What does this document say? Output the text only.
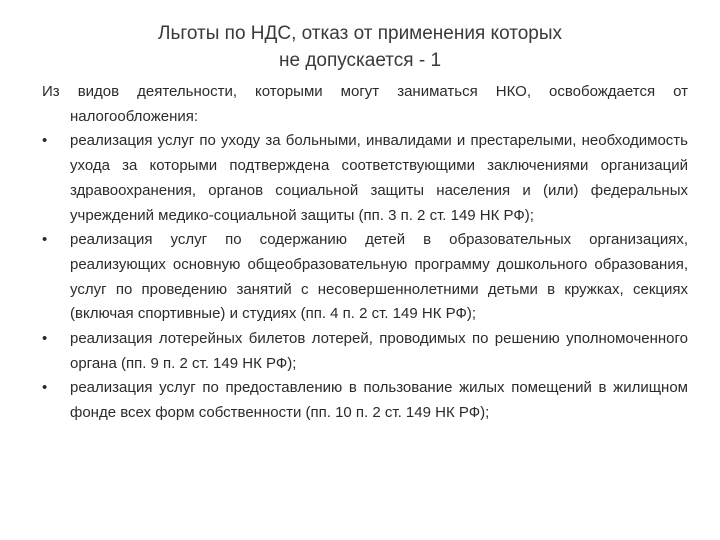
Льготы по НДС, отказ от применения которых
не допускается - 1
Из видов деятельности, которыми могут заниматься НКО, освобождается от налогообложения:
•	реализация услуг по уходу за больными, инвалидами и престарелыми, необходимость ухода за которыми подтверждена соответствующими заключениями организаций здравоохранения, органов социальной защиты населения и (или) федеральных учреждений медико-социальной защиты (пп. 3 п. 2 ст. 149 НК РФ);
•	реализация услуг по содержанию детей в образовательных организациях, реализующих основную общеобразовательную программу дошкольного образования, услуг по проведению занятий с несовершеннолетними детьми в кружках, секциях (включая спортивные) и студиях (пп. 4 п. 2 ст. 149 НК РФ);
•	реализация лотерейных билетов лотерей, проводимых по решению уполномоченного органа (пп. 9 п. 2 ст. 149 НК РФ);
•	реализация услуг по предоставлению в пользование жилых помещений в жилищном фонде всех форм собственности (пп. 10 п. 2 ст. 149 НК РФ);
